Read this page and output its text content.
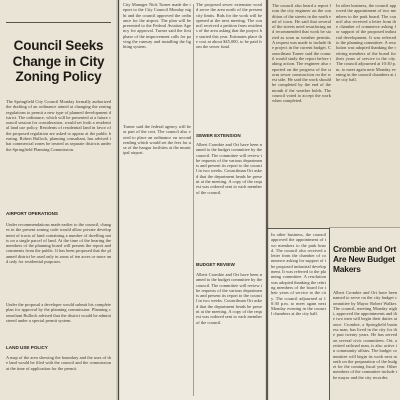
Council Seeks Change in City Zoning Policy
The Springfield City Council Monday formally authorized the drafting of an ordinance aimed at changing the zoning regulations to permit a new type of planned development district. The ordinance, which will be presented at a future council session for consideration, would set forth a residential land use policy. Residents of residential land in favor of the proposed regulation are asked to appear at the public hearing. Robert Bullock, planning consultant, has advised that commercial zones be treated as separate districts under the Springfield Planning Commission.
AIRPORT OPERATIONS
Under recommendations made earlier to the council, changes in the present zoning code would allow private development of tracts of land containing a number of dwelling units on a single parcel of land. At the time of the hearing the members of the planning board will present the report and comments from the public. It has been proposed that the planned district be used only in areas of ten acres or more and only for residential purposes.
Under the proposal a developer would submit his complete plan for approval by the planning commission. Planning consultant Bullock advised that the district would be administered under a special permit system.
LAND USE POLICY
A map of the area showing the boundary and the uses of the land would be filed with the council and the commission at the time of application for the permit.
City Manager Nick Turner made the report to the City Council Monday night and the council approved the ordinance for the airport. The plan will be presented to the Federal Aviation Agency for approval. Turner said the first phase of the improvement calls for paving the runway and installing the lighting system.
Turner said the federal agency will bear part of the cost. The council also voted to place an ordinance on second reading which would set the fees for use of the hangar facilities at the municipal airport.
The proposed sewer extension would serve the area north of the present city limits. Bids for the work will be opened at the next meeting. The council received a petition from residents of the area asking that the project be started this year. Estimates place the cost at about $45,000, to be paid from the sewer fund.
SEWER EXTENSION
Albert Crombie and Ort have been named to the budget committee by the council. The committee will review the requests of the various departments and present its report to the council in two weeks. Councilman Ort asked that the department heads be present at the meeting. A copy of the request was ordered sent to each member of the council.
BUDGET REVIEW
Albert Crombie and Ort have been named to the budget committee by the council. The committee will review the requests of the various departments and present its report to the council in two weeks. Councilman Ort asked that the department heads be present at the meeting. A copy of the request was ordered sent to each member of the council.
The council also heard a report from the city engineer on the condition of the streets in the north end of town. He said that several of the streets need resurfacing and recommended that work be started as soon as weather permits. A request was made to include the project in the current budget. Councilman Turner said the council would study the report before taking action. The engineer also reported on the progress of the storm sewer construction on the west side. He said the work should be completed by the end of the month if the weather holds. The council voted to accept the work when completed.
In other business, the council approved the appointment of two members to the park board. The council also received a letter from the chamber of commerce asking for support of the proposed industrial development. It was referred to the planning committee. A resolution was adopted thanking the retiring members of the board for their years of service to the city. The council adjourned at 10:30 p.m. to meet again next Monday evening in the council chambers at the city hall.
Crombie and Ort Are New Budget Makers
Albert Crombie and Ort have been named to serve on the city budget committee by Mayor Robert Walker. The council, meeting Monday night, approved the appointments and the two men will begin their duties at once. Crombie, a Springfield business man, has lived in the city for the past twenty years. He has served on several civic committees. Ort, a retired railroad man, is also active in community affairs. The budget committee will begin its work next month on the preparation of the budget for the coming fiscal year. Other members of the committee include the mayor and the city recorder.
In other business, the council approved the appointment of two members to the park board. The council also received a letter from the chamber of commerce asking for support of the proposed industrial development. It was referred to the planning committee. A resolution was adopted thanking the retiring members of the board for their years of service to the city. The council adjourned at 10:30 p.m. to meet again next Monday evening in the council chambers at the city hall.
